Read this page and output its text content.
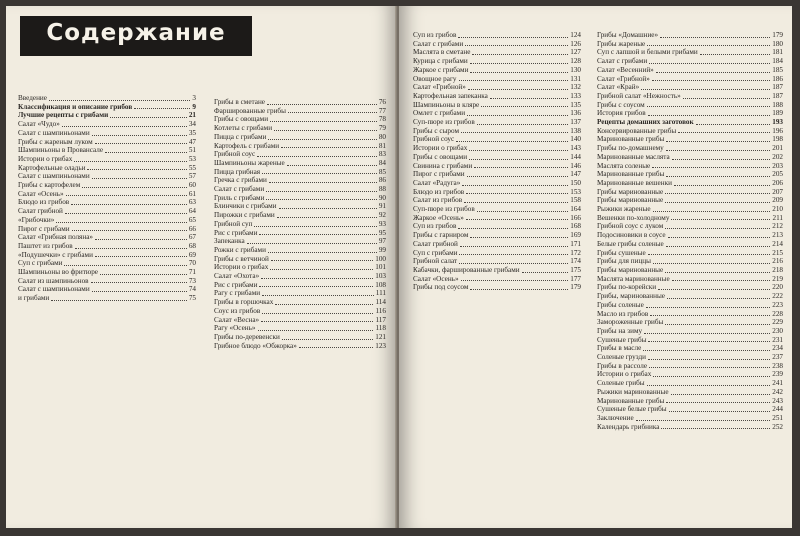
Содержание
Введение	3
Классификация и описание грибов	9
Лучшие рецепты с грибами	21
Салат «Чудо»	34
Салат с шампиньонами	35
Грибы с жареным луком	47
Шампиньоны в Провансале	51
Истории о грибах	53
Картофельные оладьи	55
Салат с шампиньонами	57
Грибы с картофелем	60
Салат «Осень»	61
Блюдо из грибов	63
Салат грибной	64
«Грибочки»	65
Пирог с грибами	66
Салат «Грибная поляна»	67
Паштет из грибов	68
«Подушечки» с грибами	69
Суп с грибами	70
Шампиньоны во фритюре	71
Салат из шампиньонов	73
Салат с шампиньонами	74
и грибами	75
Грибы в сметане	76
Фаршированные грибы	77
Грибы с овощами	78
Котлеты с грибами	79
Пицца с грибами	80
Картофель с грибами	81
Грибной соус	83
Шампиньоны жареные	84
Пицца грибная	85
Гречка с грибами	86
Салат с грибами	88
Гриль с грибами	90
Блинчики с грибами	91
Пирожки с грибами	92
Грибной суп	93
Рис с грибами	95
Запеканка	97
Рожки с грибами	99
Грибы с ветчиной	100
Истории о грибах	101
Салат «Охота»	103
Рис с грибами	108
Рагу с грибами	111
Грибы в горшочках	114
Соус из грибов	116
Салат «Весна»	117
Рагу «Осень»	118
Грибы по-деревенски	121
Грибное блюдо «Обжорка»	123
Суп из грибов	124
Салат с грибами	126
Маслята в сметане	127
Курица с грибами	128
Жаркое с грибами	130
Овощное рагу	131
Салат «Грибной»	132
Картофельная запеканка	133
Шампиньоны в кляре	135
Омлет с грибами	136
Суп-пюре из грибов	137
Грибы с сыром	138
Грибной соус	140
Истории о грибах	143
Грибы с овощами	144
Свинина с грибами	146
Пирог с грибами	147
Салат «Радуга»	150
Блюдо из грибов	153
Салат из грибов	158
Суп-пюре из грибов	164
Жаркое «Осень»	166
Суп из грибов	168
Грибы с гарниром	169
Салат грибной	171
Суп с грибами	172
Грибной салат	174
Кабачки, фаршированные грибами	175
Салат «Осень»	177
Грибы под соусом	179
Грибы «Домашние»	179
Грибы жареные	180
Суп с лапшой и белыми грибами	181
Салат с грибами	184
Салат «Весенний»	185
Салат «Грибной»	186
Салат «Край»	187
Грибной салат «Нежность»	187
Грибы с соусом	188
История грибов	189
Рецепты домашних заготовок	193
Консервированные грибы	196
Маринованные грибы	198
Грибы по-домашнему	201
Маринованные маслята	202
Маслята соленые	203
Маринованные грибы	205
Маринованные вешенки	206
Грибы маринованные	207
Грибы маринованные	209
Рыжики жареные	210
Вешенки по-холодному	211
Грибной соус с луком	212
Подосиновики в соусе	213
Белые грибы соленые	214
Грибы сушеные	215
Грибы для пиццы	216
Грибы маринованные	218
Маслята маринованные	219
Грибы по-корейски	220
Грибы, маринованные	222
Грибы соленые	223
Масло из грибов	228
Замороженные грибы	229
Грибы на зиму	230
Сушеные грибы	231
Грибы в масле	234
Соленые грузди	237
Грибы в рассоле	238
Истории о грибах	239
Соленые грибы	241
Рыжики маринованные	242
Маринованные грибы	243
Сушеные белые грибы	244
Заключение	251
Календарь грибника	252
